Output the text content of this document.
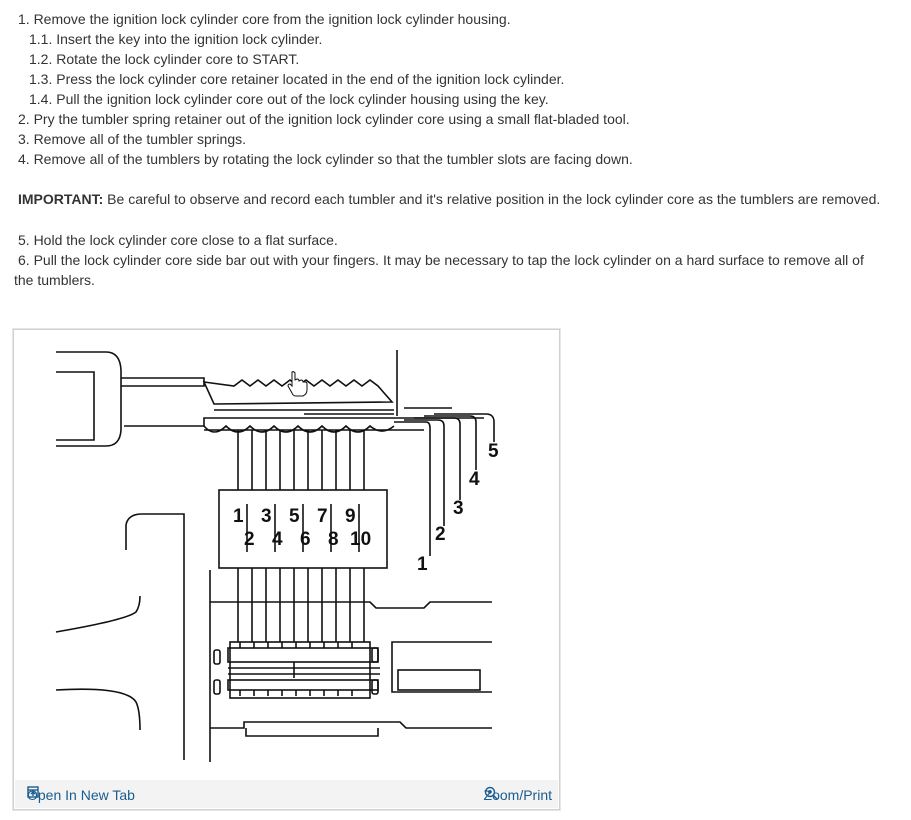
1. Remove the ignition lock cylinder core from the ignition lock cylinder housing.
1.1. Insert the key into the ignition lock cylinder.
1.2. Rotate the lock cylinder core to START.
1.3. Press the lock cylinder core retainer located in the end of the ignition lock cylinder.
1.4. Pull the ignition lock cylinder core out of the lock cylinder housing using the key.
2. Pry the tumbler spring retainer out of the ignition lock cylinder core using a small flat-bladed tool.
3. Remove all of the tumbler springs.
4. Remove all of the tumblers by rotating the lock cylinder so that the tumbler slots are facing down.
IMPORTANT: Be careful to observe and record each tumbler and it's relative position in the lock cylinder core as the tumblers are removed.
5. Hold the lock cylinder core close to a flat surface.
6. Pull the lock cylinder core side bar out with your fingers. It may be necessary to tap the lock cylinder on a hard surface to remove all of
the tumblers.
1 3 5 7 9
2 4 6 8 10
1
2
3
4
5
Open In New Tab	Zoom/Print
